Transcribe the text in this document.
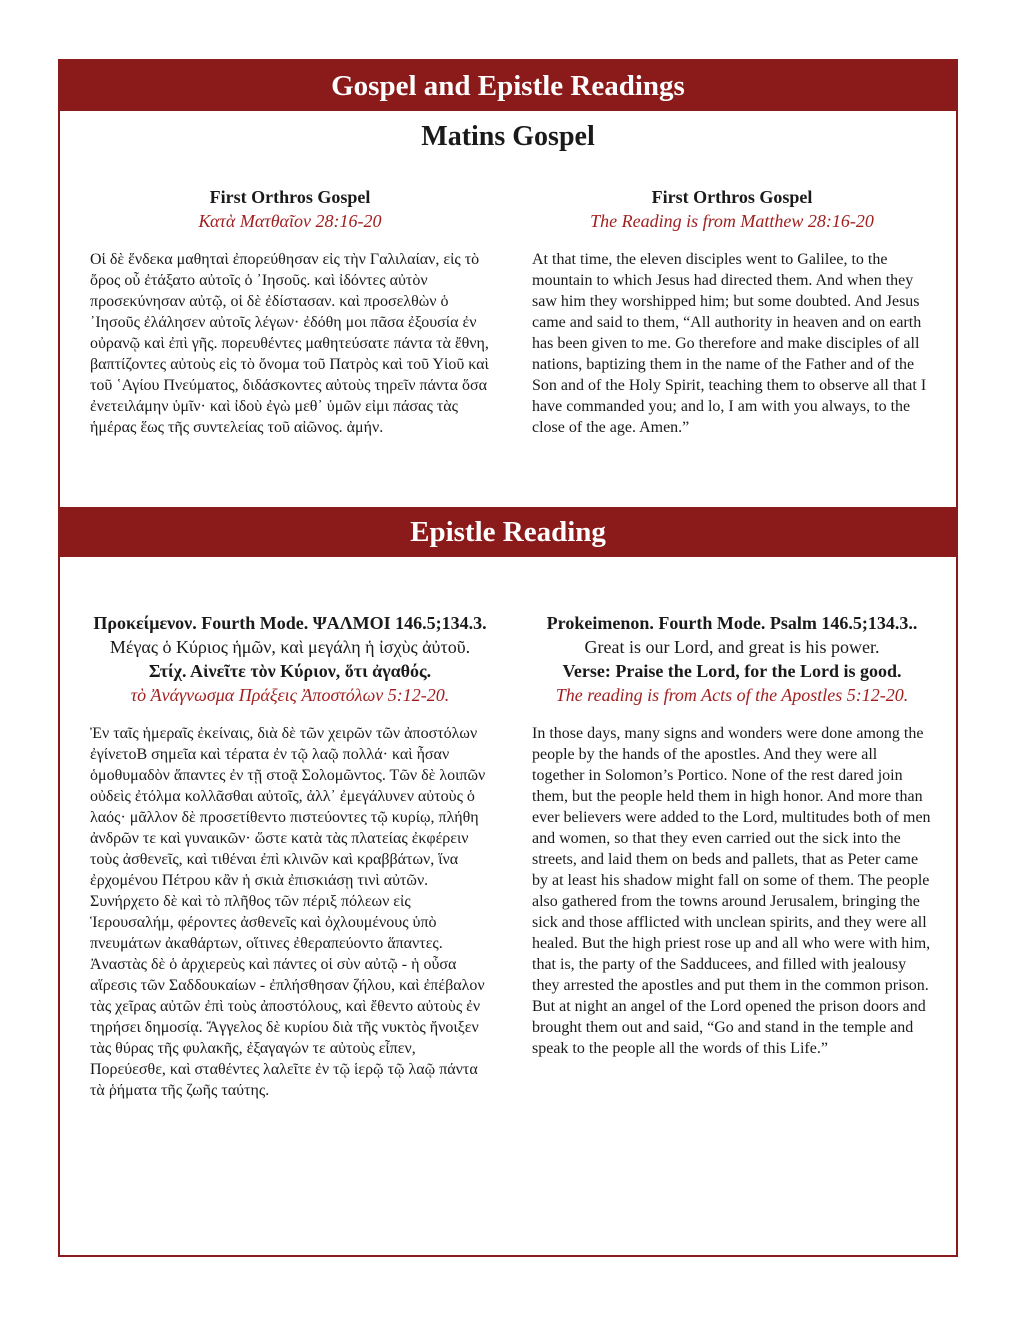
Gospel and Epistle Readings
Matins Gospel
First Orthros Gospel
Κατὰ Ματθαῖον 28:16-20
Οἱ δὲ ἕνδεκα μαθηταὶ ἐπορεύθησαν εἰς τὴν Γαλιλαίαν, εἰς τὸ ὄρος οὗ ἐτάξατο αὐτοῖς ὁ ᾿Ιησοῦς. καὶ ἰδόντες αὐτὸν προσεκύνησαν αὐτῷ, οἱ δὲ ἐδίστασαν. καὶ προσελθὼν ὁ ᾿Ιησοῦς ἐλάλησεν αὐτοῖς λέγων· ἐδόθη μοι πᾶσα ἐξουσία ἐν οὐρανῷ καὶ ἐπὶ γῆς. πορευθέντες μαθητεύσατε πάντα τὰ ἔθνη, βαπτίζοντες αὐτοὺς εἰς τὸ ὄνομα τοῦ Πατρὸς καὶ τοῦ Υἱοῦ καὶ τοῦ ῾Αγίου Πνεύματος, διδάσκοντες αὐτοὺς τηρεῖν πάντα ὅσα ἐνετειλάμην ὑμῖν· καὶ ἰδοὺ ἐγὼ μεθ᾿ ὑμῶν εἰμι πάσας τὰς ἡμέρας ἕως τῆς συντελείας τοῦ αἰῶνος. ἀμήν.
First Orthros Gospel
The Reading is from Matthew 28:16-20
At that time, the eleven disciples went to Galilee, to the mountain to which Jesus had directed them. And when they saw him they worshipped him; but some doubted. And Jesus came and said to them, “All authority in heaven and on earth has been given to me. Go therefore and make disciples of all nations, baptizing them in the name of the Father and of the Son and of the Holy Spirit, teaching them to observe all that I have commanded you; and lo, I am with you always, to the close of the age. Amen.”
Epistle Reading
Προκείμενον. Fourth Mode. ΨΑΛΜΟΙ 146.5;134.3.
Μέγας ὁ Κύριος ἡμῶν, καὶ μεγάλη ἡ ἰσχὺς ἀὐτοῦ.
Στίχ. Αἰνεῖτε τὸν Κύριον, ὅτι ἀγαθός.
τὸ Ἀνάγνωσμα Πράξεις Ἀποστόλων 5:12-20.
Ἐν ταῖς ἡμεραῖς ἐκείναις, διὰ δὲ τῶν χειρῶν τῶν ἀποστόλων ἐγίνετοΒ σημεῖα καὶ τέρατα ἐν τῷ λαῷ πολλά· καὶ ἦσαν ὁμοθυμαδὸν ἅπαντες ἐν τῇ στοᾷ Σολομῶντος. Τῶν δὲ λοιπῶν οὐδεὶς ἐτόλμα κολλᾶσθαι αὐτοῖς, ἀλλ᾽ ἐμεγάλυνεν αὐτοὺς ὁ λαός· μᾶλλον δὲ προσετίθεντο πιστεύοντες τῷ κυρίῳ, πλήθη ἀνδρῶν τε καὶ γυναικῶν· ὥστε κατὰ τὰς πλατείας ἐκφέρειν τοὺς ἀσθενεῖς, καὶ τιθέναι ἐπὶ κλινῶν καὶ κραββάτων, ἵνα ἐρχομένου Πέτρου κἂν ἡ σκιὰ ἐπισκιάσῃ τινὶ αὐτῶν. Συνήρχετο δὲ καὶ τὸ πλῆθος τῶν πέριξ πόλεων εἰς Ἱερουσαλήμ, φέροντες ἀσθενεῖς καὶ ὀχλουμένους ὑπὸ πνευμάτων ἀκαθάρτων, οἵτινες ἐθεραπεύοντο ἅπαντες. Ἀναστὰς δὲ ὁ ἀρχιερεὺς καὶ πάντες οἱ σὺν αὐτῷ - ἡ οὖσα αἵρεσις τῶν Σαδδουκαίων - ἐπλήσθησαν ζήλου, καὶ ἐπέβαλον τὰς χεῖρας αὐτῶν ἐπὶ τοὺς ἀποστόλους, καὶ ἔθεντο αὐτοὺς ἐν τηρήσει δημοσίᾳ. Ἄγγελος δὲ κυρίου διὰ τῆς νυκτὸς ἤνοιξεν τὰς θύρας τῆς φυλακῆς, ἐξαγαγών τε αὐτοὺς εἶπεν, Πορεύεσθε, καὶ σταθέντες λαλεῖτε ἐν τῷ ἱερῷ τῷ λαῷ πάντα τὰ ῥήματα τῆς ζωῆς ταύτης.
Prokeimenon. Fourth Mode. Psalm 146.5;134.3..
Great is our Lord, and great is his power.
Verse: Praise the Lord, for the Lord is good.
The reading is from Acts of the Apostles 5:12-20.
In those days, many signs and wonders were done among the people by the hands of the apostles. And they were all together in Solomon’s Portico. None of the rest dared join them, but the people held them in high honor. And more than ever believers were added to the Lord, multitudes both of men and women, so that they even carried out the sick into the streets, and laid them on beds and pallets, that as Peter came by at least his shadow might fall on some of them. The people also gathered from the towns around Jerusalem, bringing the sick and those afflicted with unclean spirits, and they were all healed. But the high priest rose up and all who were with him, that is, the party of the Sadducees, and filled with jealousy they arrested the apostles and put them in the common prison. But at night an angel of the Lord opened the prison doors and brought them out and said, “Go and stand in the temple and speak to the people all the words of this Life.”
